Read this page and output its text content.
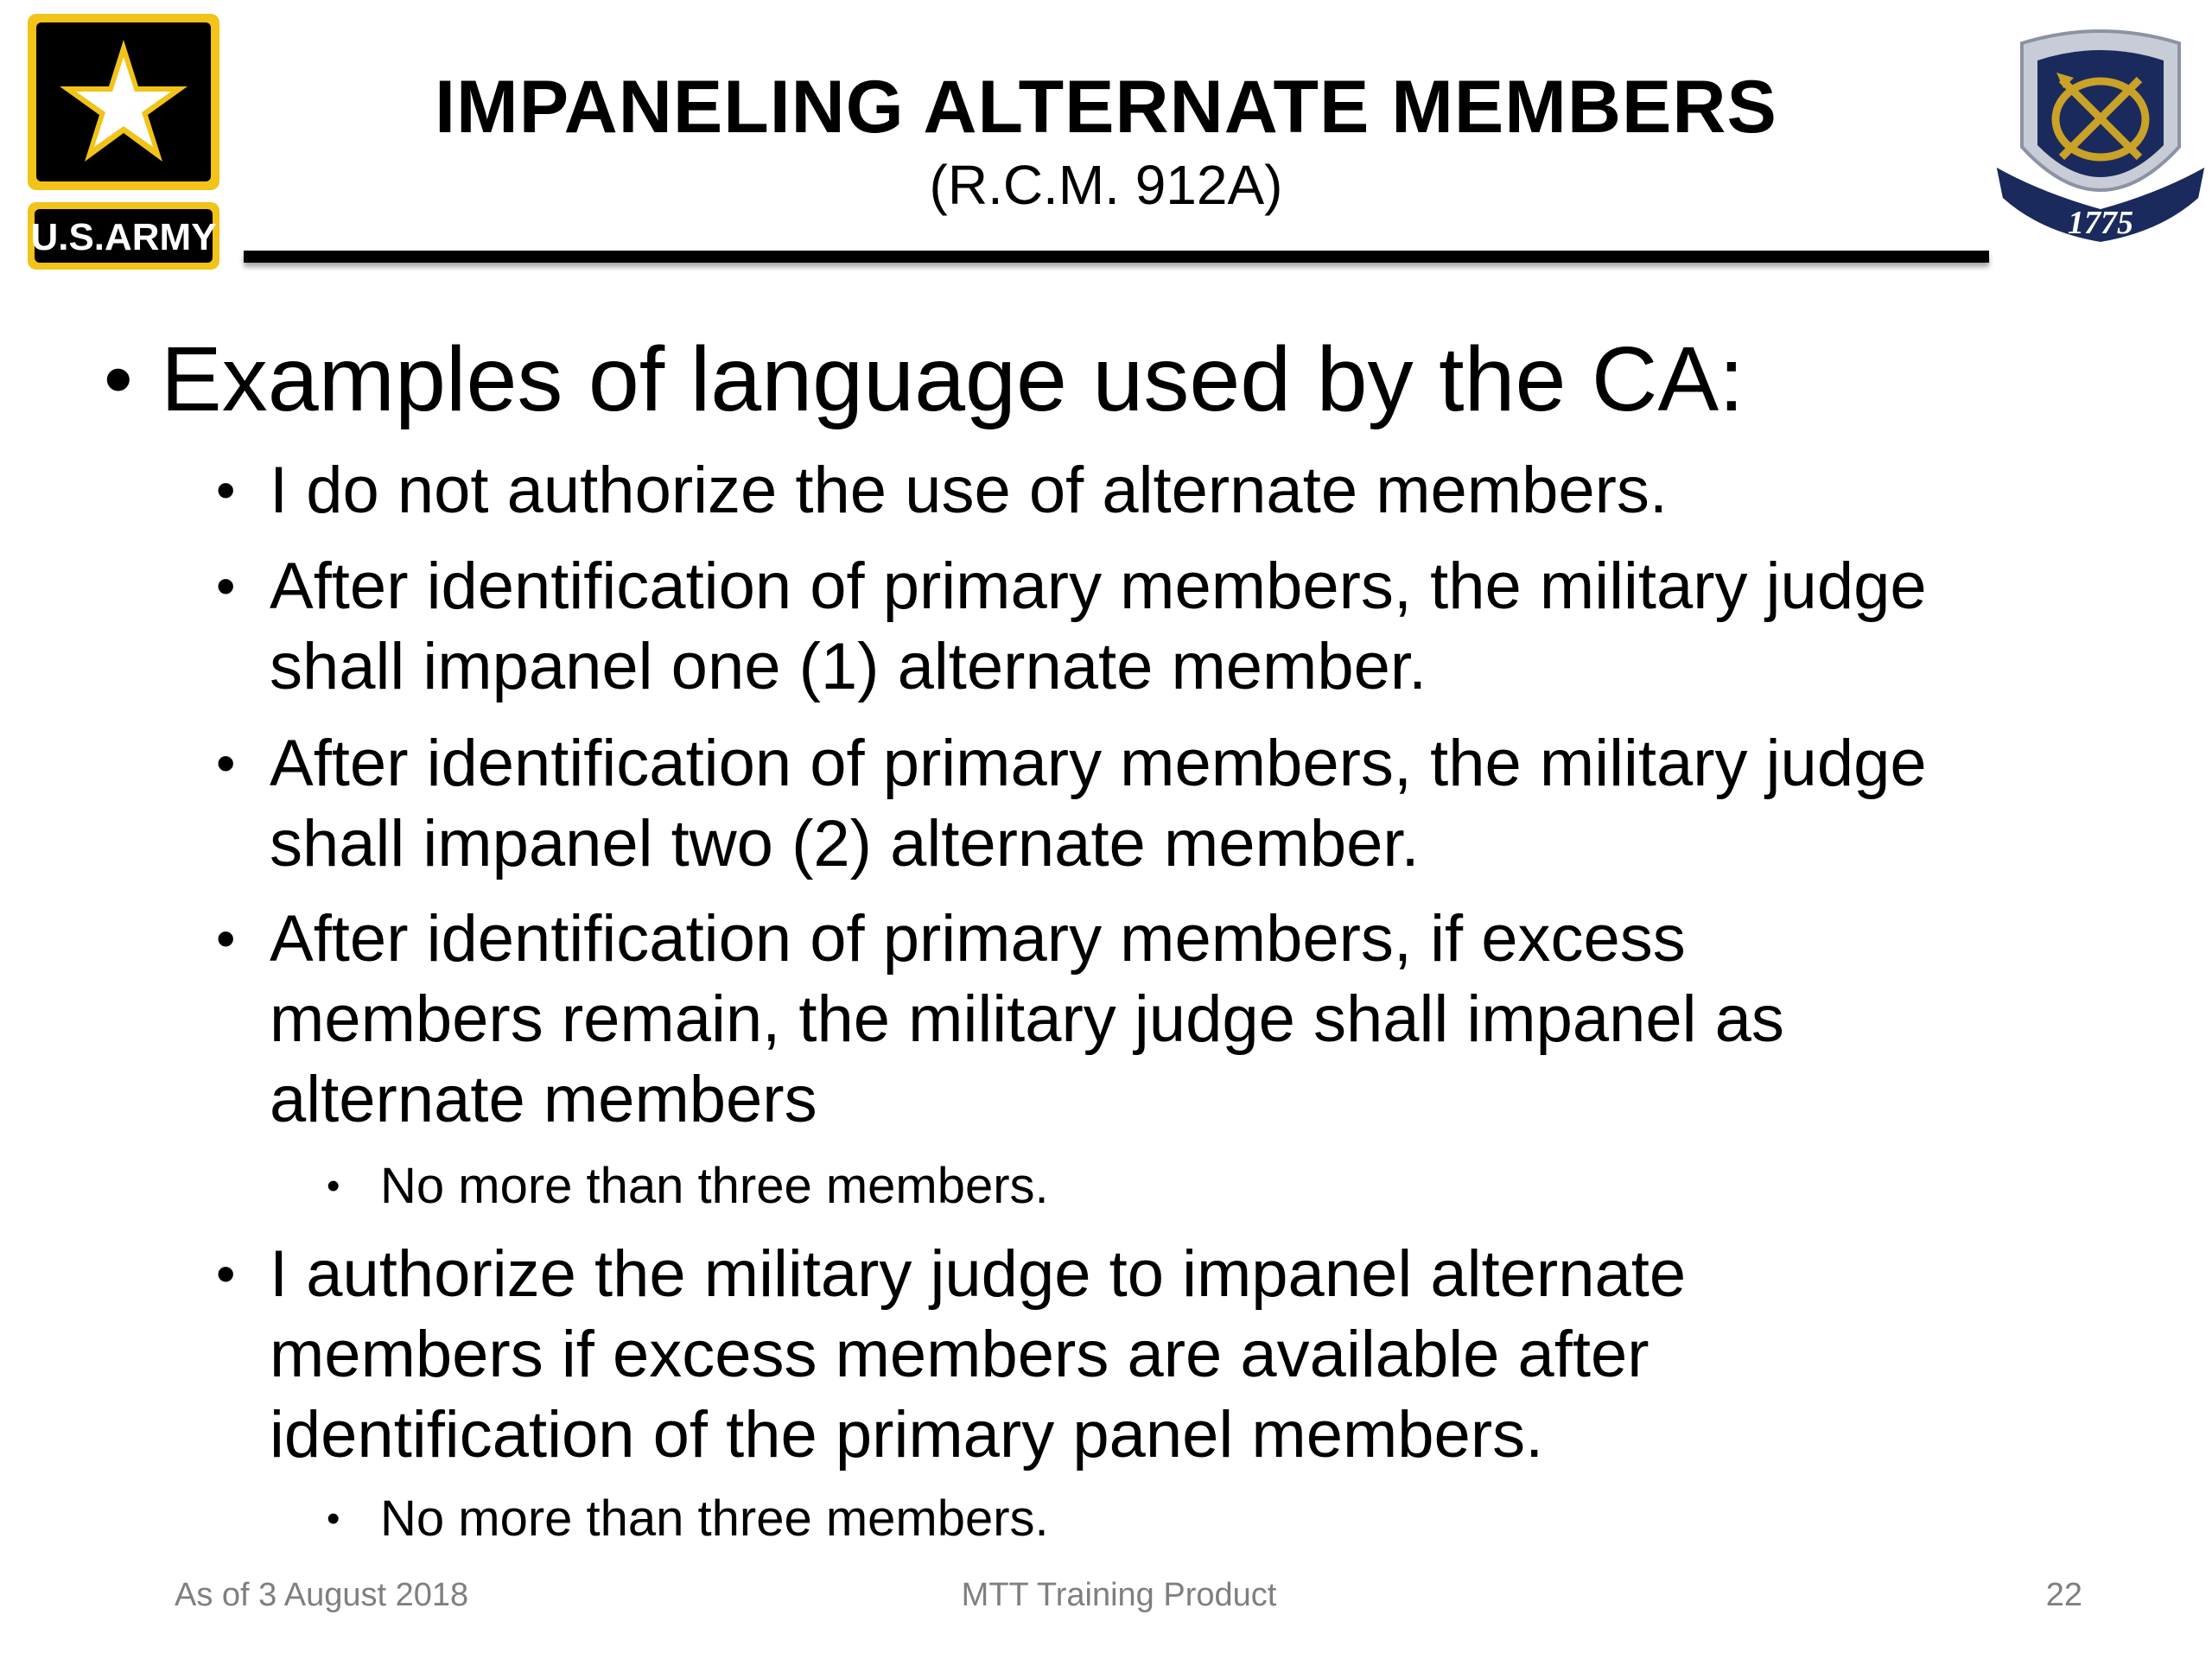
U.S.ARMY	1775
IMPANELING ALTERNATE MEMBERS
(R.C.M. 912A)
• Examples of language used by the CA:
• I do not authorize the use of alternate members.
• After identification of primary members, the military judge
shall impanel one (1) alternate member.
• After identification of primary members, the military judge
shall impanel two (2) alternate member.
• After identification of primary members, if excess
members remain, the military judge shall impanel as
alternate members
• No more than three members.
• I authorize the military judge to impanel alternate
members if excess members are available after
identification of the primary panel members.
• No more than three members.
As of 3 August 2018	MTT Training Product	22
